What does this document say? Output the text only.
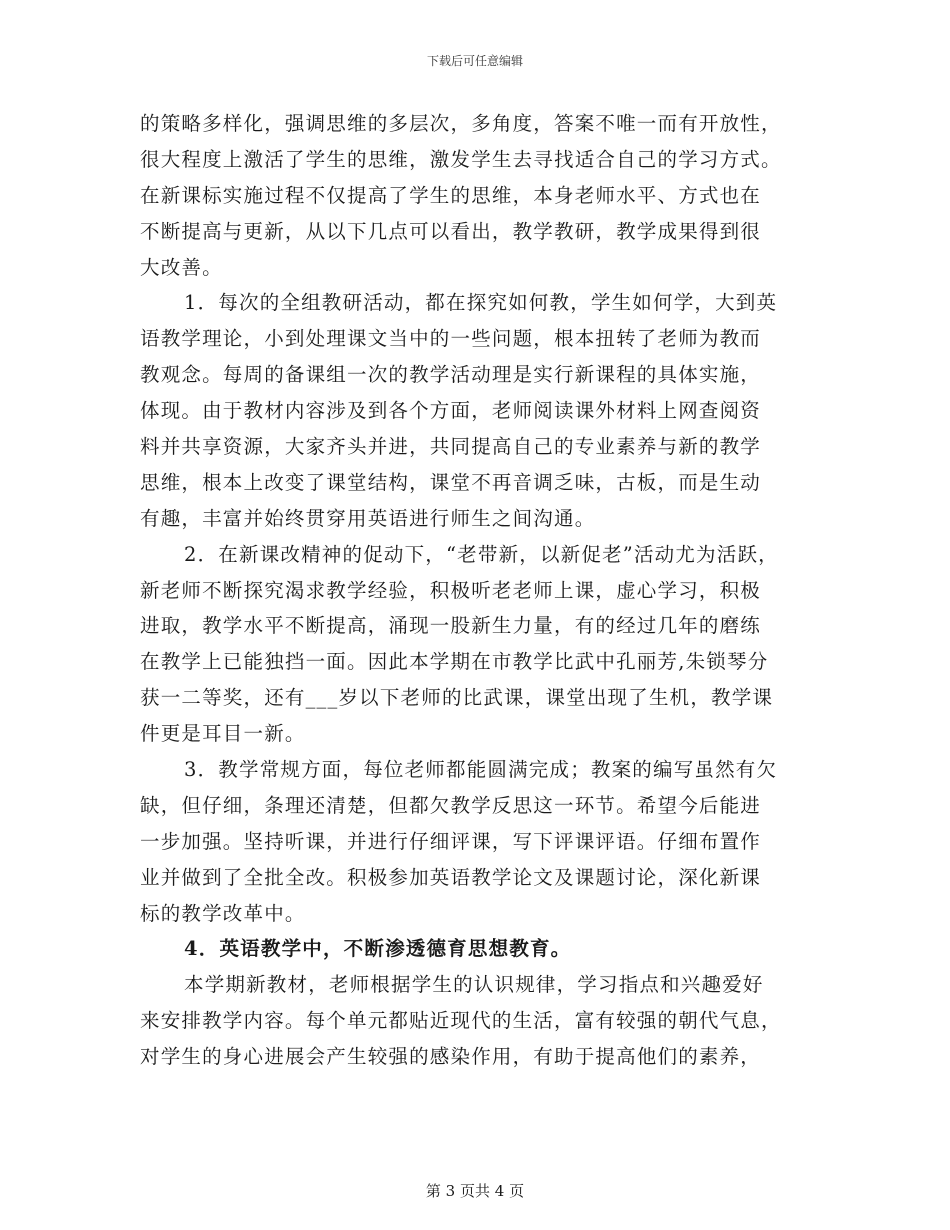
下载后可任意编辑
的策略多样化，强调思维的多层次，多角度，答案不唯一而有开放性，
很大程度上激活了学生的思维，激发学生去寻找适合自己的学习方式。
在新课标实施过程不仅提高了学生的思维，本身老师水平、方式也在
不断提高与更新，从以下几点可以看出，教学教研，教学成果得到很
大改善。
1．每次的全组教研活动，都在探究如何教，学生如何学，大到英
语教学理论，小到处理课文当中的一些问题，根本扭转了老师为教而
教观念。每周的备课组一次的教学活动理是实行新课程的具体实施，
体现。由于教材内容涉及到各个方面，老师阅读课外材料上网查阅资
料并共享资源，大家齐头并进，共同提高自己的专业素养与新的教学
思维，根本上改变了课堂结构，课堂不再音调乏味，古板，而是生动
有趣，丰富并始终贯穿用英语进行师生之间沟通。
2．在新课改精神的促动下，“老带新，以新促老”活动尤为活跃，
新老师不断探究渴求教学经验，积极听老老师上课，虚心学习，积极
进取，教学水平不断提高，涌现一股新生力量，有的经过几年的磨练
在教学上已能独挡一面。因此本学期在市教学比武中孔丽芳,朱锁琴分
获一二等奖，还有___岁以下老师的比武课，课堂出现了生机，教学课
件更是耳目一新。
3．教学常规方面，每位老师都能圆满完成；教案的编写虽然有欠
缺，但仔细，条理还清楚，但都欠教学反思这一环节。希望今后能进
一步加强。坚持听课，并进行仔细评课，写下评课评语。仔细布置作
业并做到了全批全改。积极参加英语教学论文及课题讨论，深化新课
标的教学改革中。
4．英语教学中，不断渗透德育思想教育。
本学期新教材，老师根据学生的认识规律，学习指点和兴趣爱好
来安排教学内容。每个单元都贴近现代的生活，富有较强的朝代气息，
对学生的身心进展会产生较强的感染作用，有助于提高他们的素养，
第 3 页共 4 页
